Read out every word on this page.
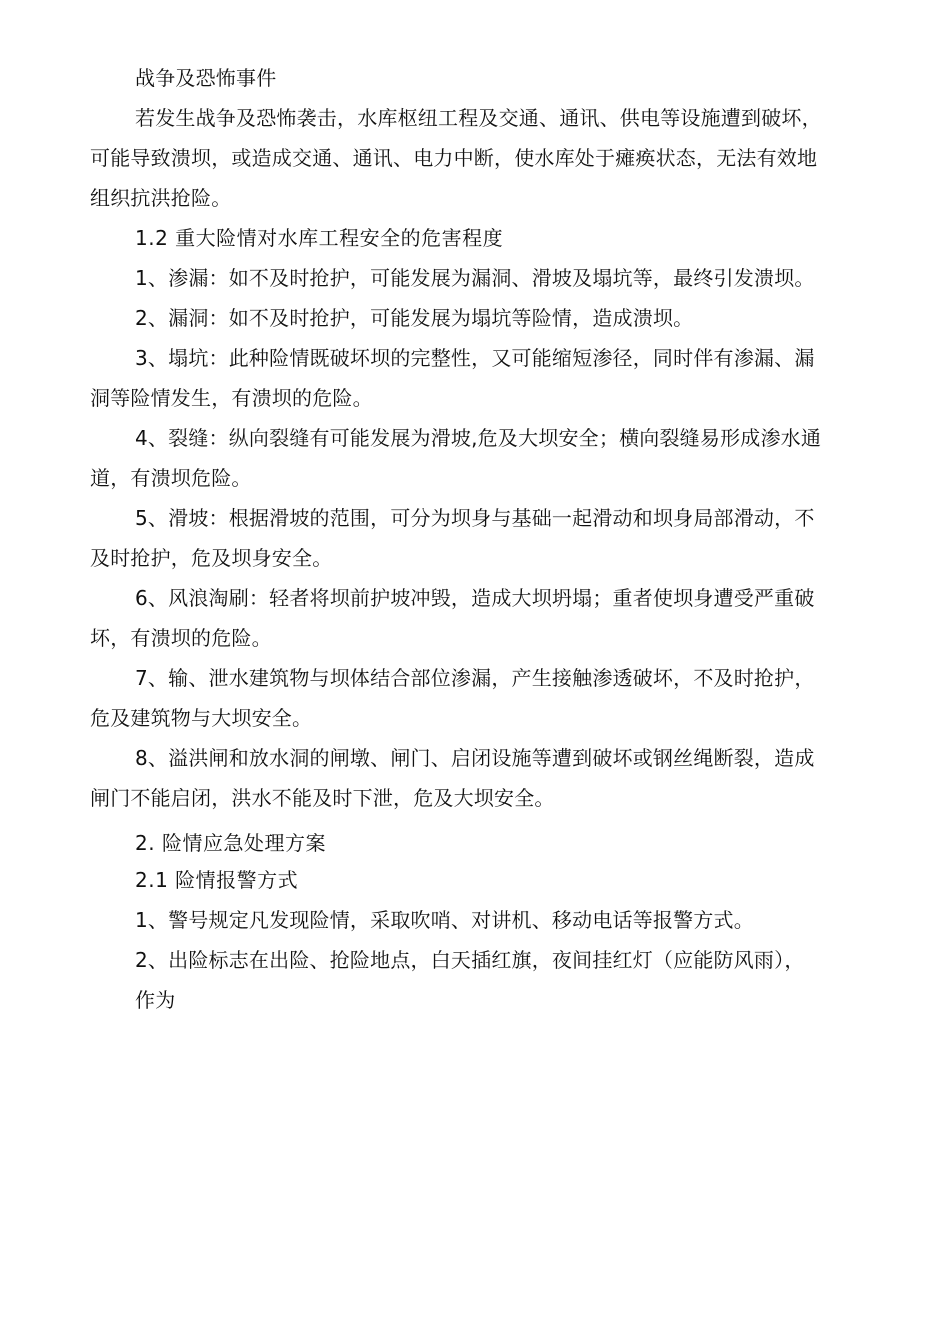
战争及恐怖事件
若发生战争及恐怖袭击，水库枢纽工程及交通、通讯、供电等设施遭到破坏，
可能导致溃坝，或造成交通、通讯、电力中断，使水库处于瘫痪状态，无法有效地
组织抗洪抢险。
1.2 重大险情对水库工程安全的危害程度
1、渗漏：如不及时抢护，可能发展为漏洞、滑坡及塌坑等，最终引发溃坝。
2、漏洞：如不及时抢护，可能发展为塌坑等险情，造成溃坝。
3、塌坑：此种险情既破坏坝的完整性，又可能缩短渗径，同时伴有渗漏、漏
洞等险情发生，有溃坝的危险。
4、裂缝：纵向裂缝有可能发展为滑坡,危及大坝安全；横向裂缝易形成渗水通
道，有溃坝危险。
5、滑坡：根据滑坡的范围，可分为坝身与基础一起滑动和坝身局部滑动，不
及时抢护，危及坝身安全。
6、风浪淘刷：轻者将坝前护坡冲毁，造成大坝坍塌；重者使坝身遭受严重破
坏，有溃坝的危险。
7、输、泄水建筑物与坝体结合部位渗漏，产生接触渗透破坏，不及时抢护，
危及建筑物与大坝安全。
8、溢洪闸和放水洞的闸墩、闸门、启闭设施等遭到破坏或钢丝绳断裂，造成
闸门不能启闭，洪水不能及时下泄，危及大坝安全。
2. 险情应急处理方案
2.1 险情报警方式
1、警号规定凡发现险情，采取吹哨、对讲机、移动电话等报警方式。
2、出险标志在出险、抢险地点，白天插红旗，夜间挂红灯（应能防风雨），
作为
